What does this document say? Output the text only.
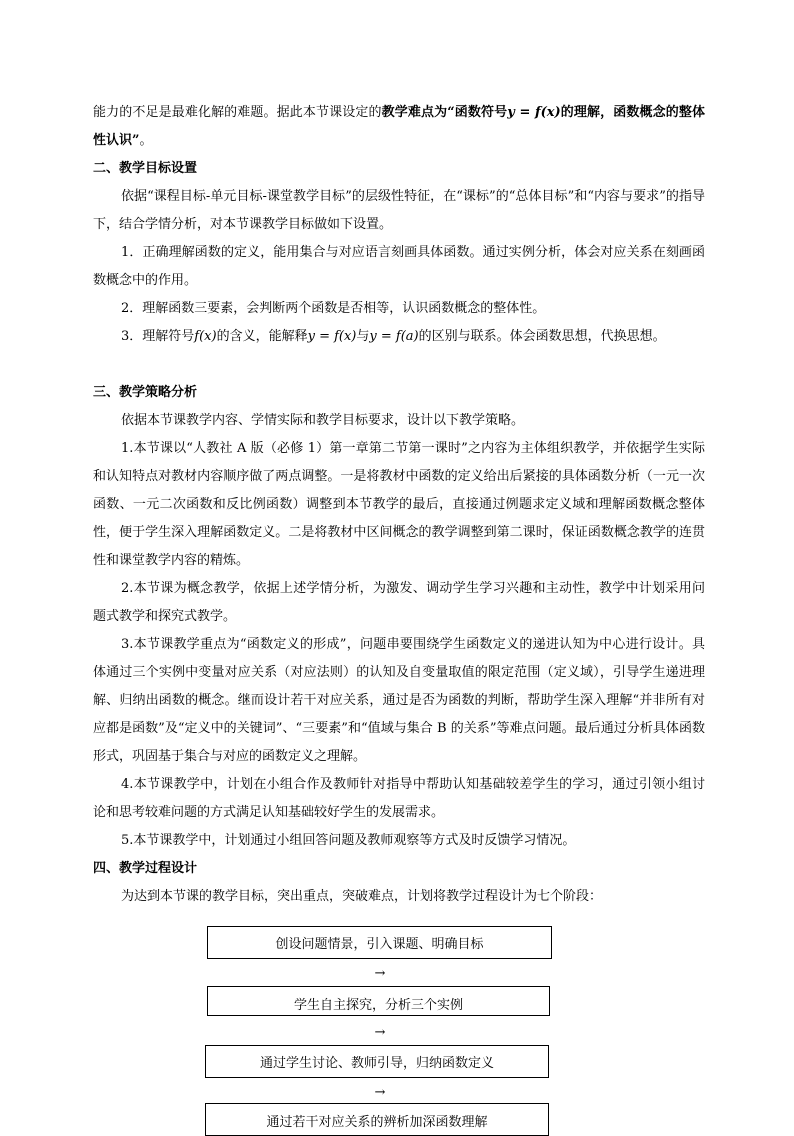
能力的不足是最难化解的难题。据此本节课设定的教学难点为“函数符号y = f(x)的理解，函数概念的整体性认识”。

二、教学目标设置

依据“课程目标-单元目标-课堂教学目标”的层级性特征，在“课标”的“总体目标”和“内容与要求”的指导下，结合学情分析，对本节课教学目标做如下设置。

1．正确理解函数的定义，能用集合与对应语言刻画具体函数。通过实例分析，体会对应关系在刻画函数概念中的作用。

2．理解函数三要素，会判断两个函数是否相等，认识函数概念的整体性。

3．理解符号f(x)的含义，能解释y = f(x)与y = f(a)的区别与联系。体会函数思想，代换思想。

三、教学策略分析

依据本节课教学内容、学情实际和教学目标要求，设计以下教学策略。

1.本节课以“人教社 A 版（必修 1）第一章第二节第一课时”之内容为主体组织教学，并依据学生实际和认知特点对教材内容顺序做了两点调整。一是将教材中函数的定义给出后紧接的具体函数分析（一元一次函数、一元二次函数和反比例函数）调整到本节教学的最后，直接通过例题求定义域和理解函数概念整体性，便于学生深入理解函数定义。二是将教材中区间概念的教学调整到第二课时，保证函数概念教学的连贯性和课堂教学内容的精炼。

2.本节课为概念教学，依据上述学情分析，为激发、调动学生学习兴趣和主动性，教学中计划采用问题式教学和探究式教学。

3.本节课教学重点为“函数定义的形成”，问题串要围绕学生函数定义的递进认知为中心进行设计。具体通过三个实例中变量对应关系（对应法则）的认知及自变量取值的限定范围（定义域），引导学生递进理解、归纳出函数的概念。继而设计若干对应关系，通过是否为函数的判断，帮助学生深入理解“并非所有对应都是函数”及“定义中的关键词”、“三要素”和“值域与集合 B 的关系”等难点问题。最后通过分析具体函数形式，巩固基于集合与对应的函数定义之理解。

4.本节课教学中，计划在小组合作及教师针对指导中帮助认知基础较差学生的学习，通过引领小组讨论和思考较难问题的方式满足认知基础较好学生的发展需求。

5.本节课教学中，计划通过小组回答问题及教师观察等方式及时反馈学习情况。

四、教学过程设计

为达到本节课的教学目标，突出重点，突破难点，计划将教学过程设计为七个阶段：

创设问题情景，引入课题、明确目标
→
学生自主探究，分析三个实例
→
通过学生讨论、教师引导，归纳函数定义
→
通过若干对应关系的辨析加深函数理解
